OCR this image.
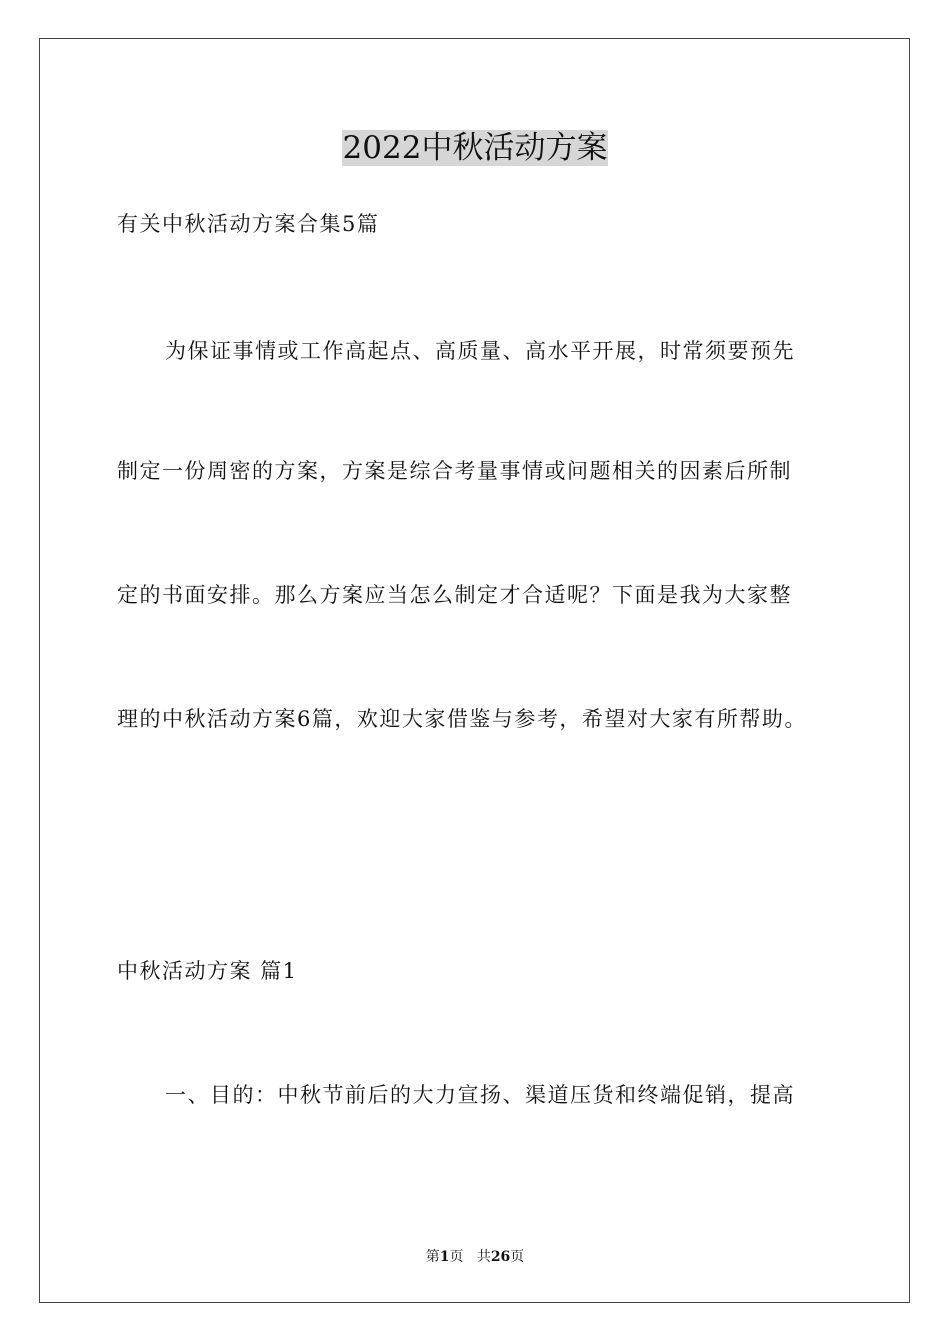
2022中秋活动方案

有关中秋活动方案合集5篇

为保证事情或工作高起点、高质量、高水平开展，时常须要预先

制定一份周密的方案，方案是综合考量事情或问题相关的因素后所制

定的书面安排。那么方案应当怎么制定才合适呢？下面是我为大家整

理的中秋活动方案6篇，欢迎大家借鉴与参考，希望对大家有所帮助。

中秋活动方案 篇1

一、目的：中秋节前后的大力宣扬、渠道压货和终端促销，提高

第1页 共26页
